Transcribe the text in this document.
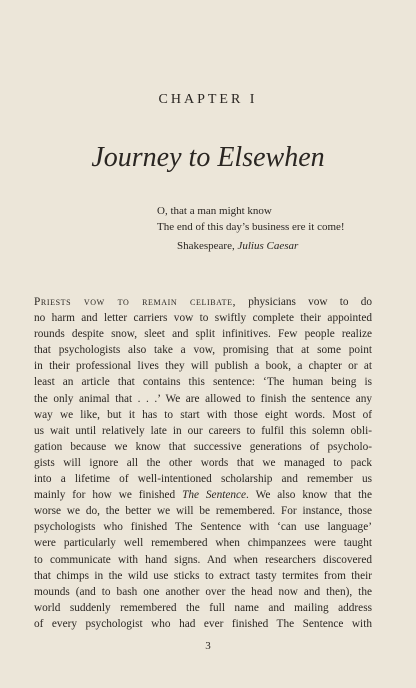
CHAPTER I
Journey to Elsewhen
O, that a man might know
The end of this day’s business ere it come!
Shakespeare, Julius Caesar
Priests vow to remain celibate, physicians vow to do
no harm and letter carriers vow to swiftly complete their appointed
rounds despite snow, sleet and split infinitives. Few people realize
that psychologists also take a vow, promising that at some point
in their professional lives they will publish a book, a chapter or at
least an article that contains this sentence: ‘The human being is
the only animal that . . .’ We are allowed to finish the sentence any
way we like, but it has to start with those eight words. Most of
us wait until relatively late in our careers to fulfil this solemn obli-
gation because we know that successive generations of psycholo-
gists will ignore all the other words that we managed to pack
into a lifetime of well-intentioned scholarship and remember us
mainly for how we finished The Sentence. We also know that the
worse we do, the better we will be remembered. For instance, those
psychologists who finished The Sentence with ‘can use language’
were particularly well remembered when chimpanzees were taught
to communicate with hand signs. And when researchers discovered
that chimps in the wild use sticks to extract tasty termites from their
mounds (and to bash one another over the head now and then), the
world suddenly remembered the full name and mailing address
of every psychologist who had ever finished The Sentence with
3
